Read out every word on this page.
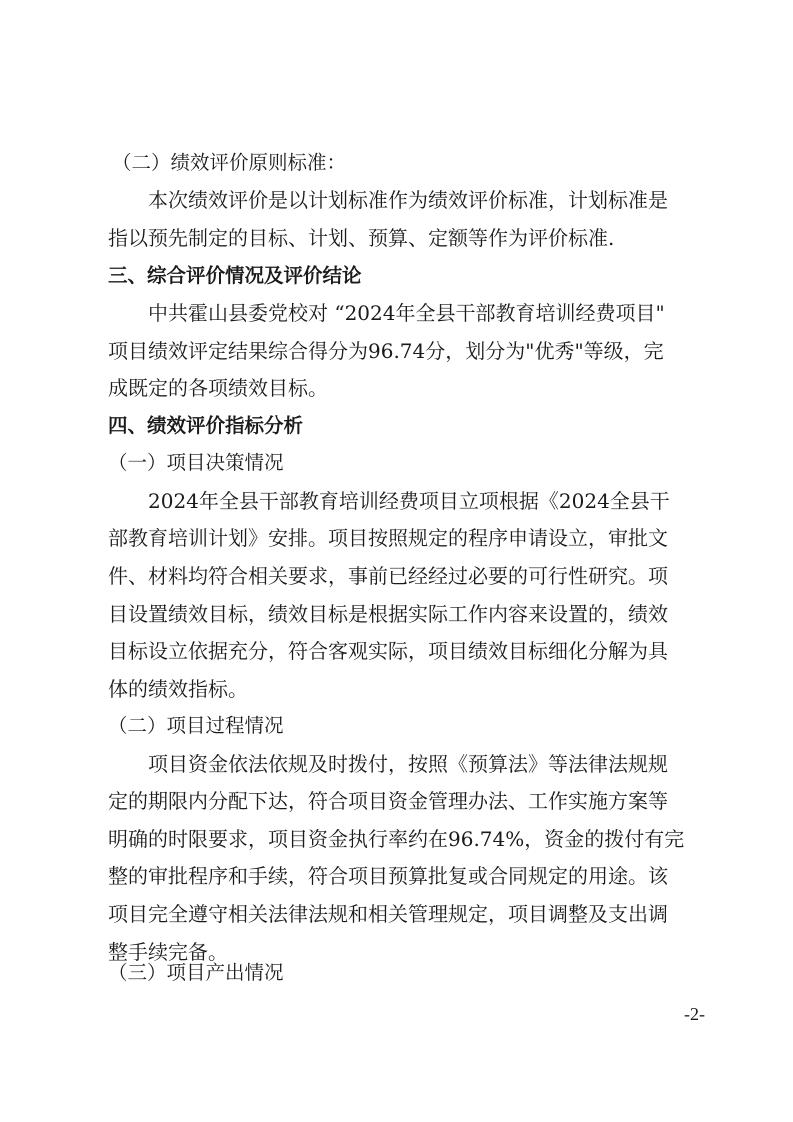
（二）绩效评价原则标准：
本次绩效评价是以计划标准作为绩效评价标准，计划标准是
指以预先制定的目标、计划、预算、定额等作为评价标准.
三、综合评价情况及评价结论
中共霍山县委党校对 “2024年全县干部教育培训经费项目"
项目绩效评定结果综合得分为96.74分，划分为"优秀"等级，完
成既定的各项绩效目标。
四、绩效评价指标分析
（一）项目决策情况
2024年全县干部教育培训经费项目立项根据《2024全县干
部教育培训计划》安排。项目按照规定的程序申请设立，审批文
件、材料均符合相关要求，事前已经经过必要的可行性研究。项
目设置绩效目标，绩效目标是根据实际工作内容来设置的，绩效
目标设立依据充分，符合客观实际，项目绩效目标细化分解为具
体的绩效指标。
（二）项目过程情况
项目资金依法依规及时拨付，按照《预算法》等法律法规规
定的期限内分配下达，符合项目资金管理办法、工作实施方案等
明确的时限要求，项目资金执行率约在96.74%，资金的拨付有完
整的审批程序和手续，符合项目预算批复或合同规定的用途。该
项目完全遵守相关法律法规和相关管理规定，项目调整及支出调
整手续完备。
（三）项目产出情况
-2-
